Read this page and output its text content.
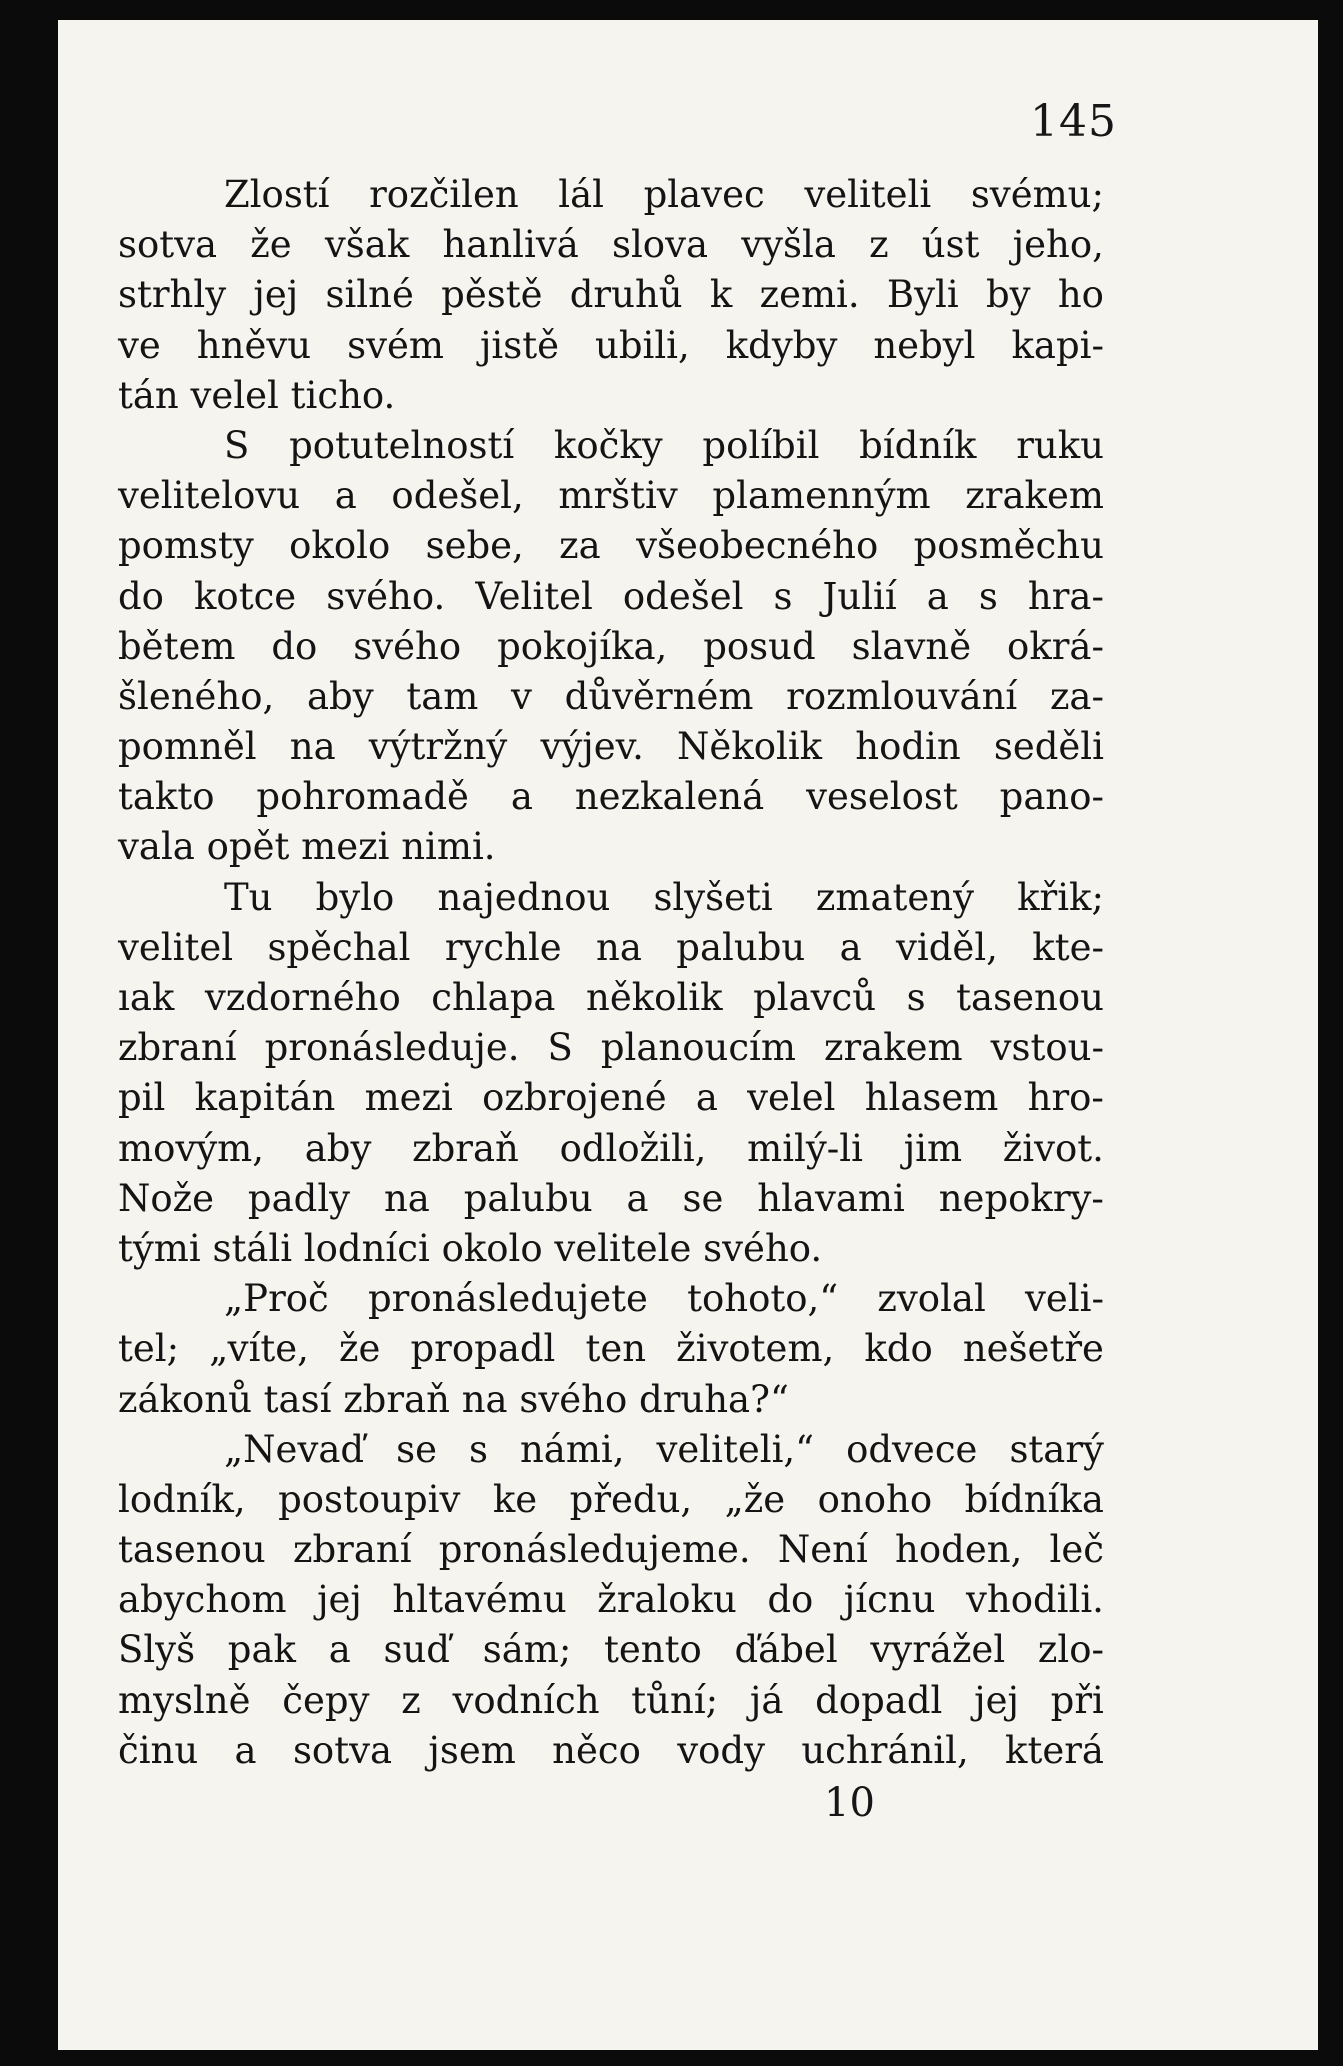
145
Zlostí rozčilen lál plavec veliteli svému;
sotva že však hanlivá slova vyšla z úst jeho,
strhly jej silné pěstě druhů k zemi. Byli by ho
ve hněvu svém jistě ubili, kdyby nebyl kapi-
tán velel ticho.
S potutelností kočky políbil bídník ruku
velitelovu a odešel, mrštiv plamenným zrakem
pomsty okolo sebe, za všeobecného posměchu
do kotce svého. Velitel odešel s Julií a s hra-
bětem do svého pokojíka, posud slavně okrá-
šleného, aby tam v důvěrném rozmlouvání za-
pomněl na výtržný výjev. Několik hodin seděli
takto pohromadě a nezkalená veselost pano-
vala opět mezi nimi.
Tu bylo najednou slyšeti zmatený křik;
velitel spěchal rychle na palubu a viděl, kte-
ıak vzdorného chlapa několik plavců s tasenou
zbraní pronásleduje. S planoucím zrakem vstou-
pil kapitán mezi ozbrojené a velel hlasem hro-
movým, aby zbraň odložili, milý-li jim život.
Nože padly na palubu a se hlavami nepokry-
tými stáli lodníci okolo velitele svého.
„Proč pronásledujete tohoto,“ zvolal veli-
tel; „víte, že propadl ten životem, kdo nešetře
zákonů tasí zbraň na svého druha?“
„Nevaď se s námi, veliteli,“ odvece starý
lodník, postoupiv ke předu, „že onoho bídníka
tasenou zbraní pronásledujeme. Není hoden, leč
abychom jej hltavému žraloku do jícnu vhodili.
Slyš pak a suď sám; tento ďábel vyrážel zlo-
myslně čepy z vodních tůní; já dopadl jej při
činu a sotva jsem něco vody uchránil, která
10
